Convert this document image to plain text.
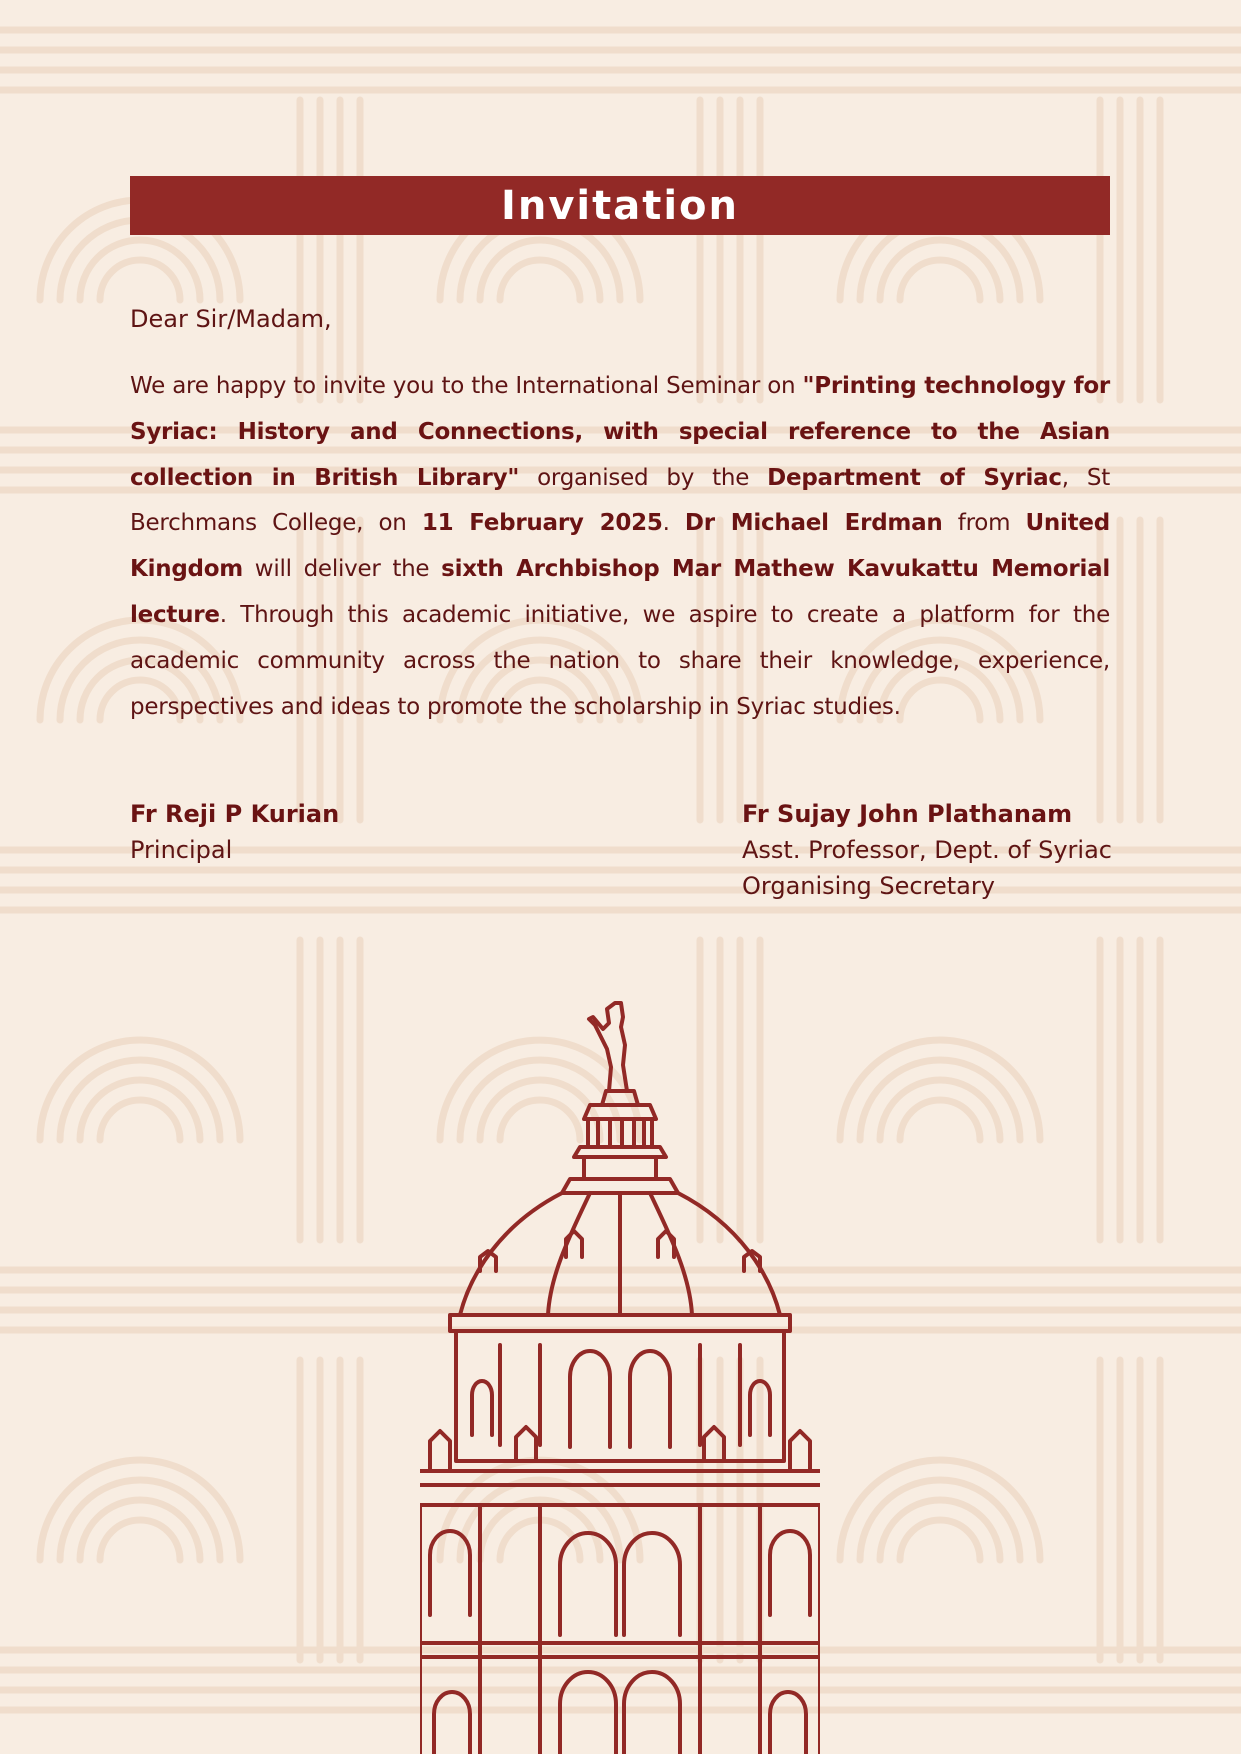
Invitation

Dear Sir/Madam,

We are happy to invite you to the International Seminar on "Printing technology for Syriac: History and Connections, with special reference to the Asian collection in British Library" organised by the Department of Syriac, St Berchmans College, on 11 February 2025. Dr Michael Erdman from United Kingdom will deliver the sixth Archbishop Mar Mathew Kavukattu Memorial lecture. Through this academic initiative, we aspire to create a platform for the academic community across the nation to share their knowledge, experience, perspectives and ideas to promote the scholarship in Syriac studies.

Fr Reji P Kurian
Principal
Fr Sujay John Plathanam
Asst. Professor, Dept. of Syriac
Organising Secretary
